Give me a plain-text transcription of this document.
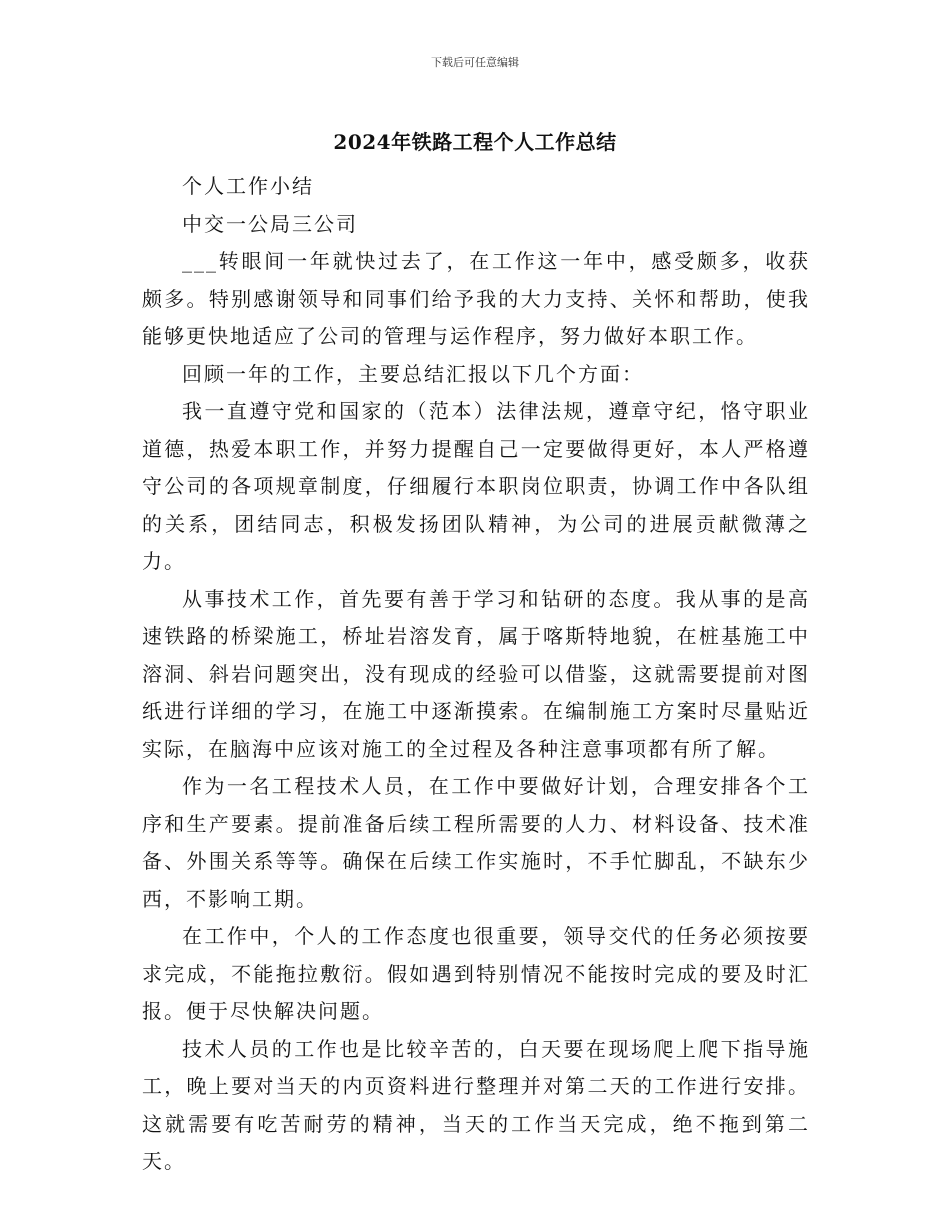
下载后可任意编辑
2024年铁路工程个人工作总结

个人工作小结

中交一公局三公司

___转眼间一年就快过去了，在工作这一年中，感受颇多，收获颇多。特别感谢领导和同事们给予我的大力支持、关怀和帮助，使我能够更快地适应了公司的管理与运作程序，努力做好本职工作。

回顾一年的工作，主要总结汇报以下几个方面：

我一直遵守党和国家的（范本）法律法规，遵章守纪，恪守职业道德，热爱本职工作，并努力提醒自己一定要做得更好，本人严格遵守公司的各项规章制度，仔细履行本职岗位职责，协调工作中各队组的关系，团结同志，积极发扬团队精神，为公司的进展贡献微薄之力。

从事技术工作，首先要有善于学习和钻研的态度。我从事的是高速铁路的桥梁施工，桥址岩溶发育，属于喀斯特地貌，在桩基施工中溶洞、斜岩问题突出，没有现成的经验可以借鉴，这就需要提前对图纸进行详细的学习，在施工中逐渐摸索。在编制施工方案时尽量贴近实际，在脑海中应该对施工的全过程及各种注意事项都有所了解。

作为一名工程技术人员，在工作中要做好计划，合理安排各个工序和生产要素。提前准备后续工程所需要的人力、材料设备、技术准备、外围关系等等。确保在后续工作实施时，不手忙脚乱，不缺东少西，不影响工期。

在工作中，个人的工作态度也很重要，领导交代的任务必须按要求完成，不能拖拉敷衍。假如遇到特别情况不能按时完成的要及时汇报。便于尽快解决问题。

技术人员的工作也是比较辛苦的，白天要在现场爬上爬下指导施工，晚上要对当天的内页资料进行整理并对第二天的工作进行安排。这就需要有吃苦耐劳的精神，当天的工作当天完成，绝不拖到第二天。
